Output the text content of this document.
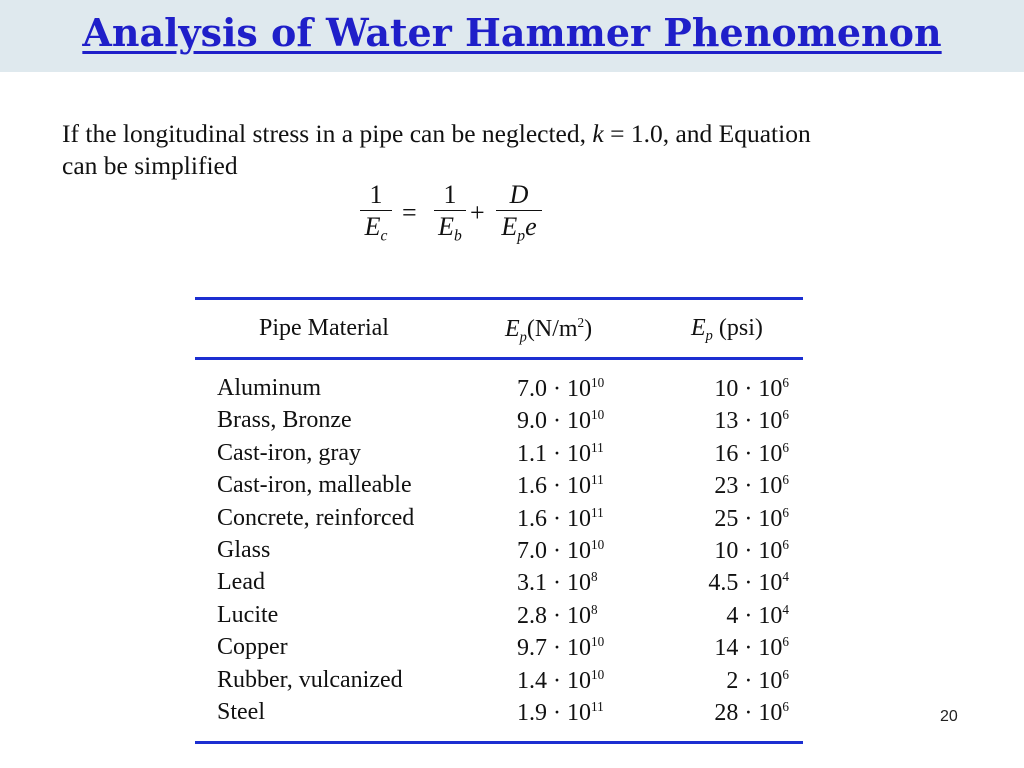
Analysis of Water Hammer Phenomenon
If the longitudinal stress in a pipe can be neglected, k = 1.0, and Equation
can be simplified
1
$E_c$
=
1
$E_b$
+
D
$E_pe$
Pipe Material	$E_p(N/m^2)$	$E_p$ (psi)
Aluminum	$7.0 \cdot 10^{10}$	$10 \cdot 10^6$
Brass, Bronze	$9.0 \cdot 10^{10}$	$13 \cdot 10^6$
Cast-iron, gray	$1.1 \cdot 10^{11}$	$16 \cdot 10^6$
Cast-iron, malleable	$1.6 \cdot 10^{11}$	$23 \cdot 10^6$
Concrete, reinforced	$1.6 \cdot 10^{11}$	$25 \cdot 10^6$
Glass	$7.0 \cdot 10^{10}$	$10 \cdot 10^6$
Lead	$3.1 \cdot 10^8$	$4.5 \cdot 10^4$
Lucite	$2.8 \cdot 10^8$	$4 \cdot 10^4$
Copper	$9.7 \cdot 10^{10}$	$14 \cdot 10^6$
Rubber, vulcanized	$1.4 \cdot 10^{10}$	$2 \cdot 10^6$
Steel	$1.9 \cdot 10^{11}$	$28 \cdot 10^6$
20
